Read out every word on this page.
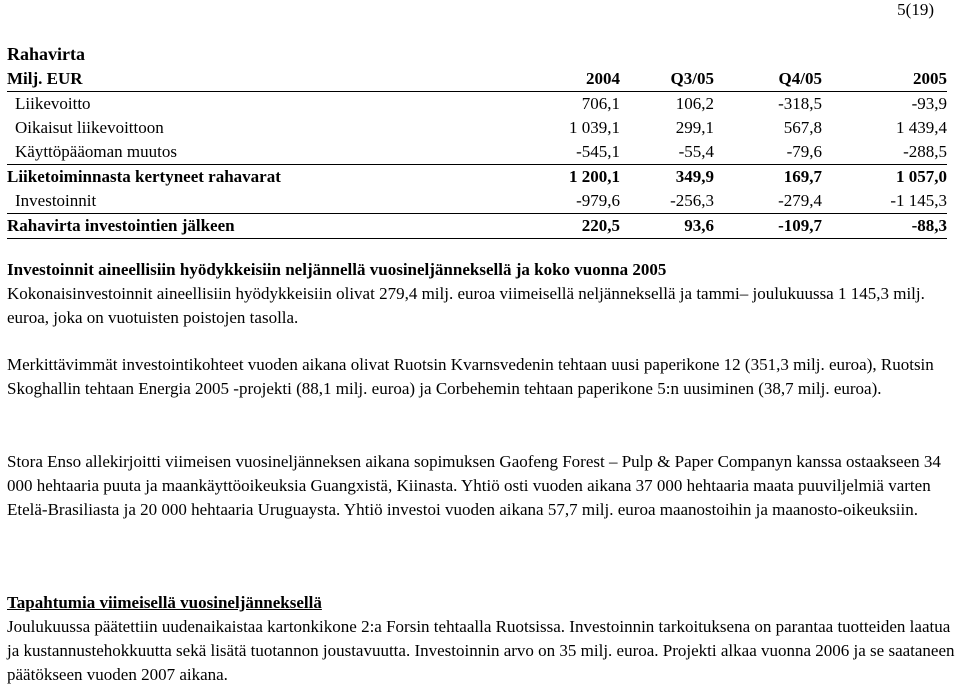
5(19)
Rahavirta
Milj. EUR	2004	Q3/05	Q4/05	2005
Liikevoitto	706,1	106,2	-318,5	-93,9
Oikaisut liikevoittoon	1 039,1	299,1	567,8	1 439,4
Käyttöpääoman muutos	-545,1	-55,4	-79,6	-288,5
Liiketoiminnasta kertyneet rahavarat	1 200,1	349,9	169,7	1 057,0
Investoinnit	-979,6	-256,3	-279,4	-1 145,3
Rahavirta investointien jälkeen	220,5	93,6	-109,7	-88,3
Investoinnit aineellisiin hyödykkeisiin neljännellä vuosineljänneksellä ja koko vuonna 2005
Kokonaisinvestoinnit aineellisiin hyödykkeisiin olivat 279,4 milj. euroa viimeisellä neljänneksellä ja tammi– joulukuussa 1 145,3 milj. euroa, joka on vuotuisten poistojen tasolla.
Merkittävimmät investointikohteet vuoden aikana olivat Ruotsin Kvarnsvedenin tehtaan uusi paperikone 12 (351,3 milj. euroa), Ruotsin Skoghallin tehtaan Energia 2005 -projekti (88,1 milj. euroa) ja Corbehemin tehtaan paperikone 5:n uusiminen (38,7 milj. euroa).
Stora Enso allekirjoitti viimeisen vuosineljänneksen aikana sopimuksen Gaofeng Forest – Pulp & Paper Companyn kanssa ostaakseen 34 000 hehtaaria puuta ja maankäyttöoikeuksia Guangxistä, Kiinasta. Yhtiö osti vuoden aikana 37 000 hehtaaria maata puuviljelmiä varten Etelä-Brasiliasta ja 20 000 hehtaaria Uruguaysta. Yhtiö investoi vuoden aikana 57,7 milj. euroa maanostoihin ja maanosto-oikeuksiin.
Tapahtumia viimeisellä vuosineljänneksellä
Joulukuussa päätettiin uudenaikaistaa kartonkikone 2:a Forsin tehtaalla Ruotsissa. Investoinnin tarkoituksena on parantaa tuotteiden laatua ja kustannustehokkuutta sekä lisätä tuotannon joustavuutta. Investoinnin arvo on 35 milj. euroa. Projekti alkaa vuonna 2006 ja se saataneen päätökseen vuoden 2007 aikana.
